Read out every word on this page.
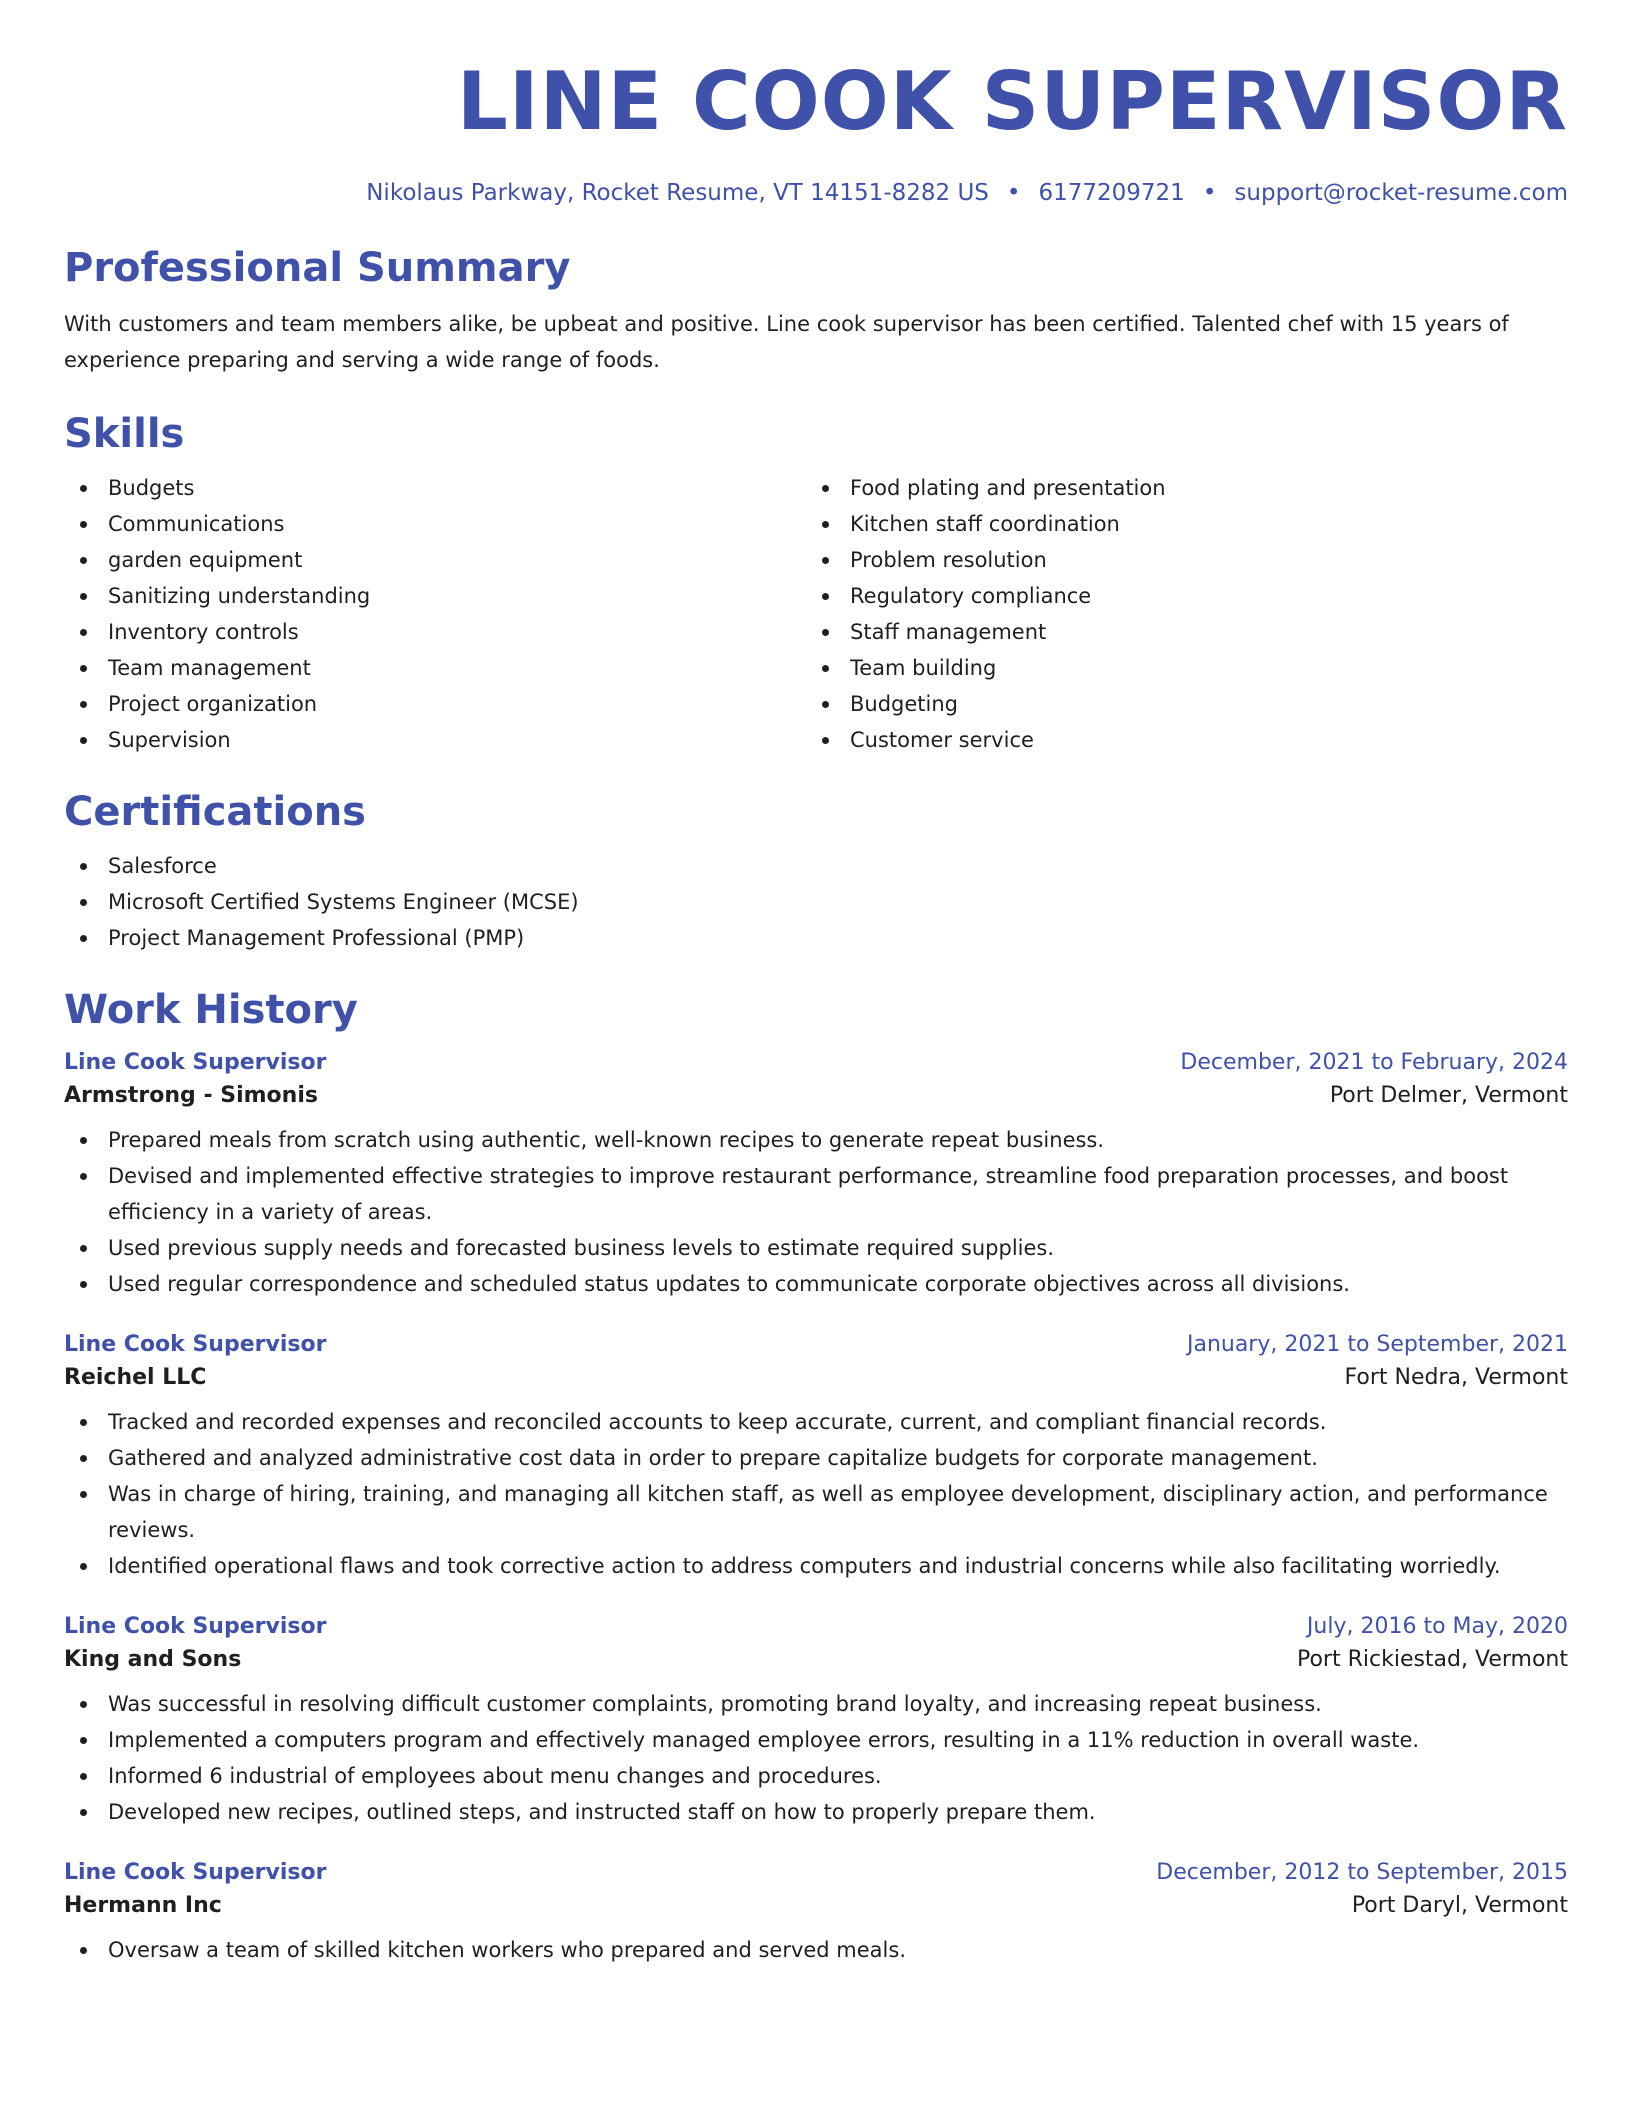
LINE COOK SUPERVISOR
Nikolaus Parkway, Rocket Resume, VT 14151-8282 US • 6177209721 • support@rocket-resume.com
Professional Summary

With customers and team members alike, be upbeat and positive. Line cook supervisor has been certified. Talented chef with 15 years of experience preparing and serving a wide range of foods.

Skills
Budgets
Communications
garden equipment
Sanitizing understanding
Inventory controls
Team management
Project organization
Supervision
Food plating and presentation
Kitchen staff coordination
Problem resolution
Regulatory compliance
Staff management
Team building
Budgeting
Customer service
Certifications
Salesforce
Microsoft Certified Systems Engineer (MCSE)
Project Management Professional (PMP)
Work History
Line Cook Supervisor	December, 2021 to February, 2024
Armstrong - Simonis	Port Delmer, Vermont
Prepared meals from scratch using authentic, well-known recipes to generate repeat business.
Devised and implemented effective strategies to improve restaurant performance, streamline food preparation processes, and boost efficiency in a variety of areas.
Used previous supply needs and forecasted business levels to estimate required supplies.
Used regular correspondence and scheduled status updates to communicate corporate objectives across all divisions.
Line Cook Supervisor	January, 2021 to September, 2021
Reichel LLC	Fort Nedra, Vermont
Tracked and recorded expenses and reconciled accounts to keep accurate, current, and compliant financial records.
Gathered and analyzed administrative cost data in order to prepare capitalize budgets for corporate management.
Was in charge of hiring, training, and managing all kitchen staff, as well as employee development, disciplinary action, and performance reviews.
Identified operational flaws and took corrective action to address computers and industrial concerns while also facilitating worriedly.
Line Cook Supervisor	July, 2016 to May, 2020
King and Sons	Port Rickiestad, Vermont
Was successful in resolving difficult customer complaints, promoting brand loyalty, and increasing repeat business.
Implemented a computers program and effectively managed employee errors, resulting in a 11% reduction in overall waste.
Informed 6 industrial of employees about menu changes and procedures.
Developed new recipes, outlined steps, and instructed staff on how to properly prepare them.
Line Cook Supervisor	December, 2012 to September, 2015
Hermann Inc	Port Daryl, Vermont
Oversaw a team of skilled kitchen workers who prepared and served meals.
